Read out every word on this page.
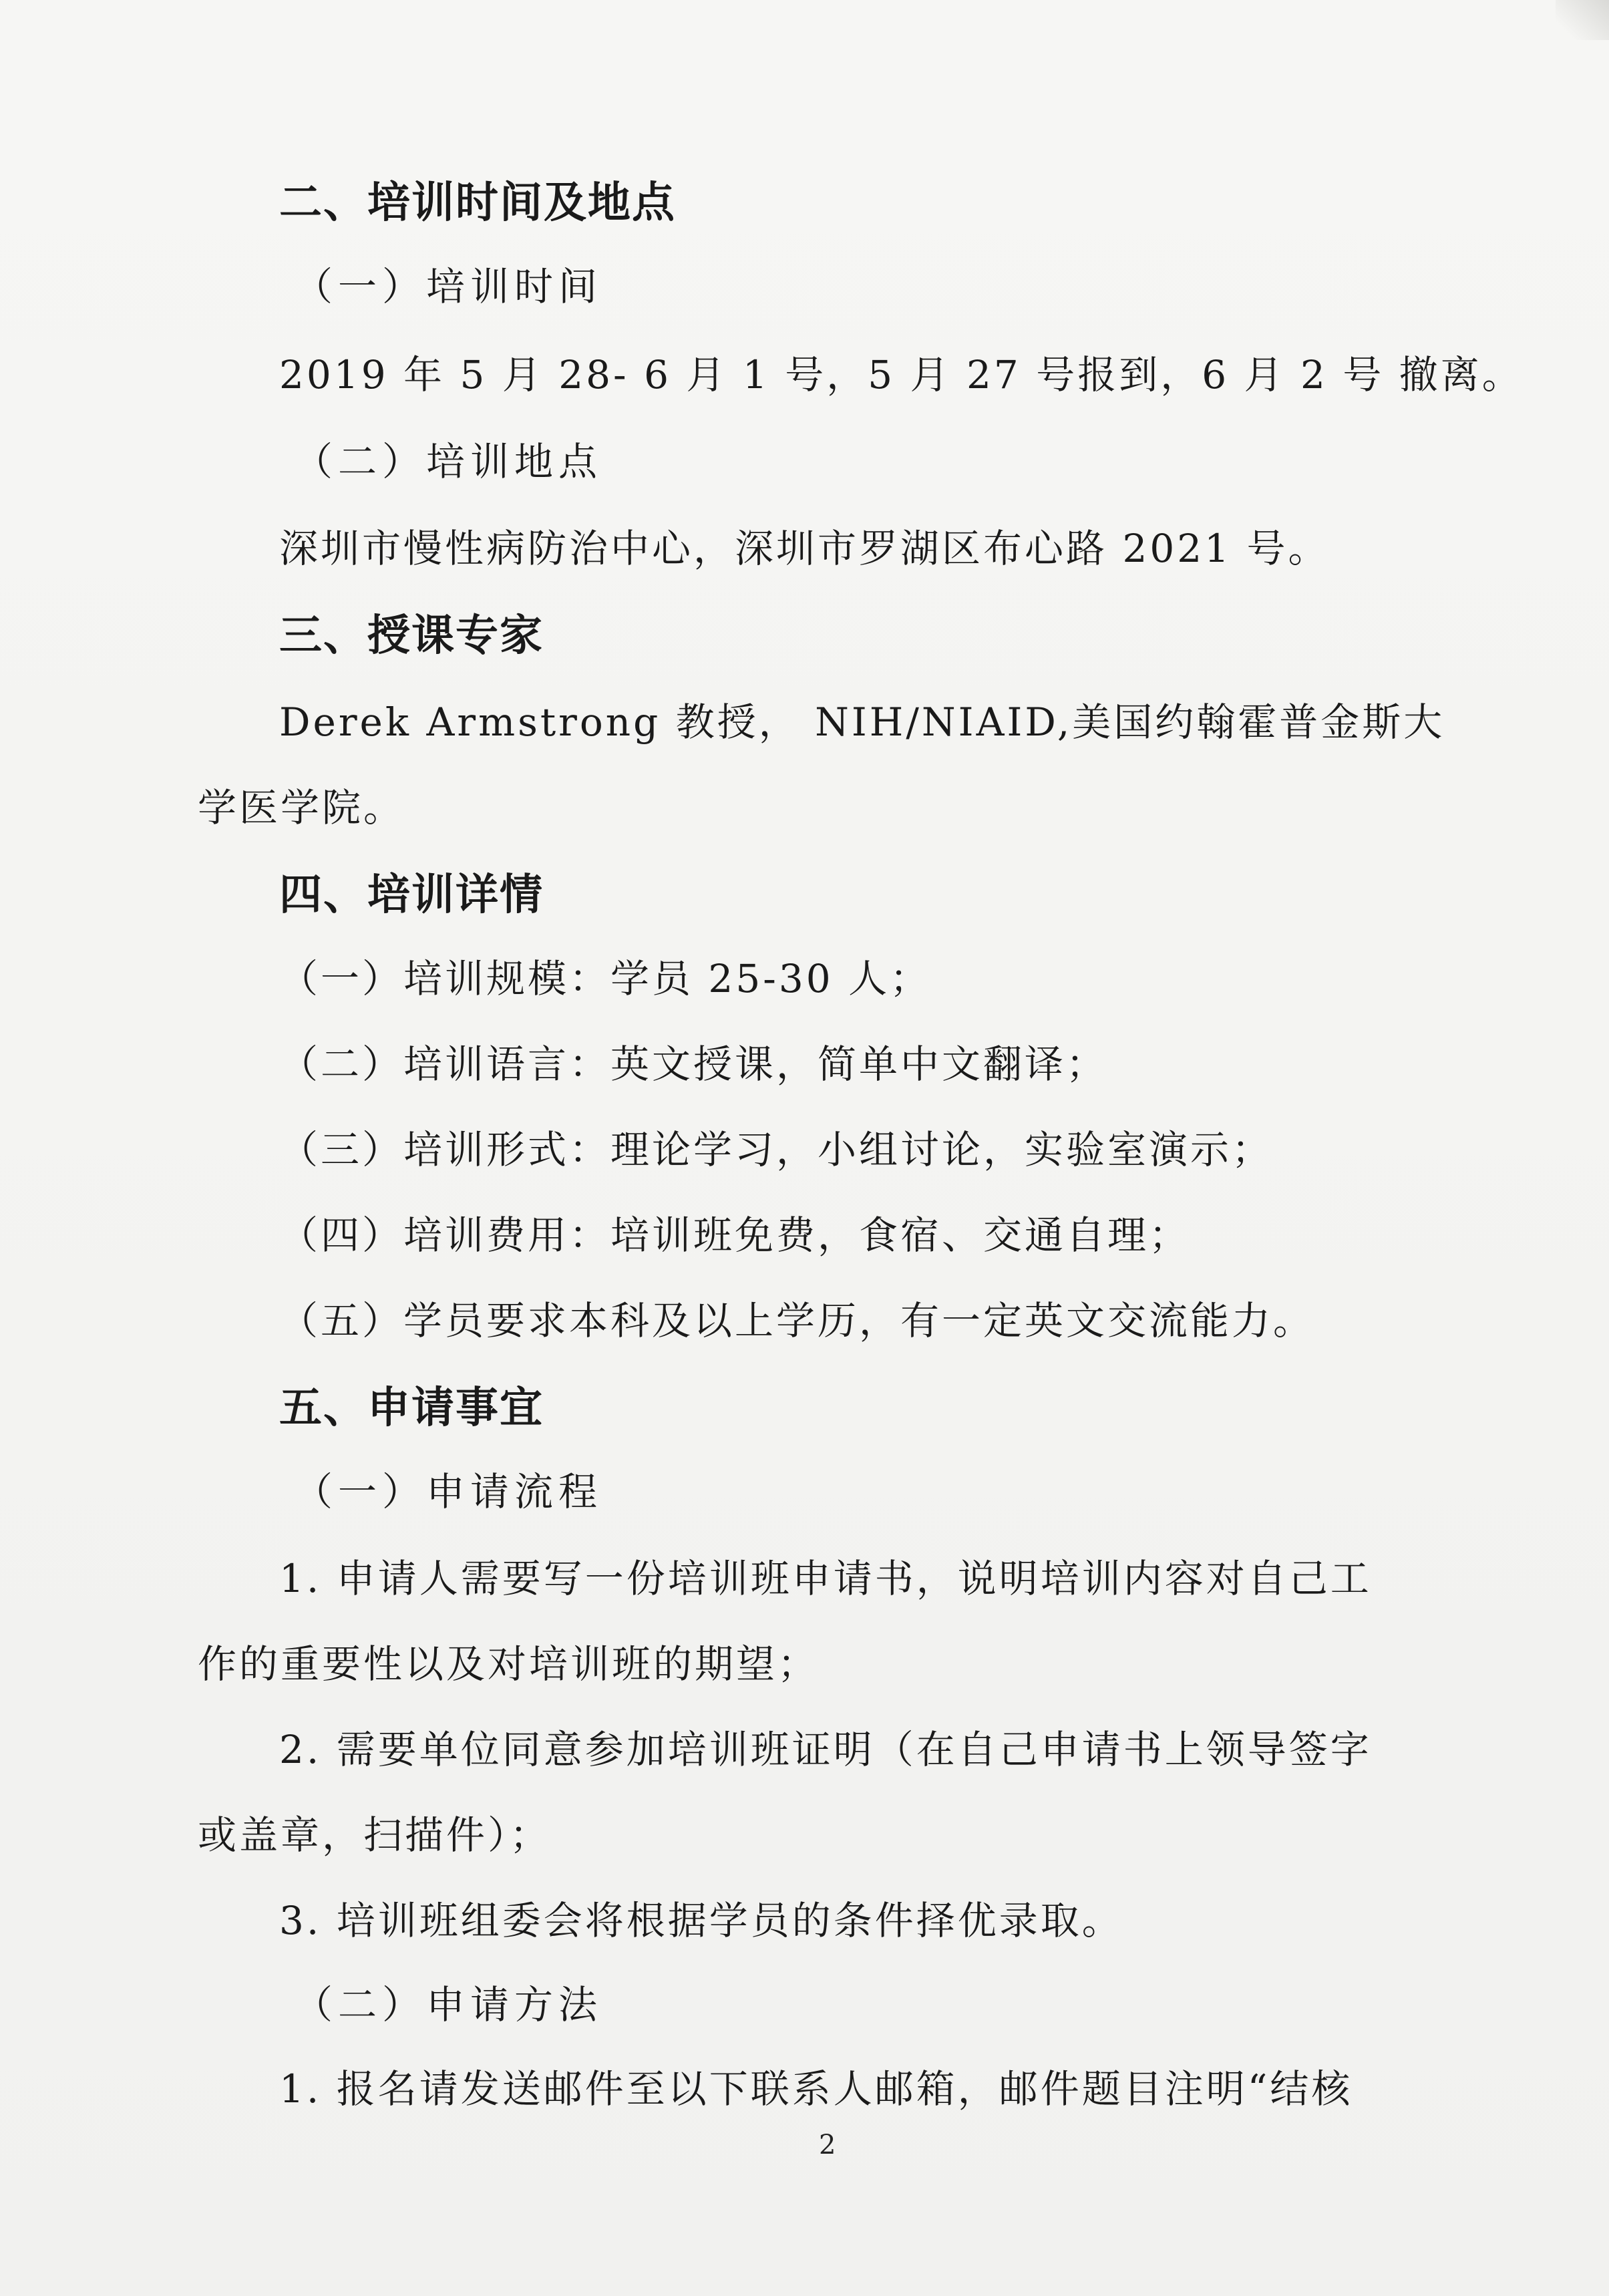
二、培训时间及地点
（一）培训时间
2019 年 5 月 28- 6 月 1 号，5 月 27 号报到，6 月 2 号 撤离。
（二）培训地点
深圳市慢性病防治中心，深圳市罗湖区布心路 2021 号。
三、授课专家
Derek Armstrong 教授， NIH/NIAID,美国约翰霍普金斯大
学医学院。
四、培训详情
（一）培训规模：学员 25-30 人；
（二）培训语言：英文授课，简单中文翻译；
（三）培训形式：理论学习，小组讨论，实验室演示；
（四）培训费用：培训班免费，食宿、交通自理；
（五）学员要求本科及以上学历，有一定英文交流能力。
五、申请事宜
（一）申请流程
1. 申请人需要写一份培训班申请书，说明培训内容对自己工
作的重要性以及对培训班的期望；
2. 需要单位同意参加培训班证明（在自己申请书上领导签字
或盖章，扫描件）；
3. 培训班组委会将根据学员的条件择优录取。
（二）申请方法
1. 报名请发送邮件至以下联系人邮箱，邮件题目注明“结核
2
